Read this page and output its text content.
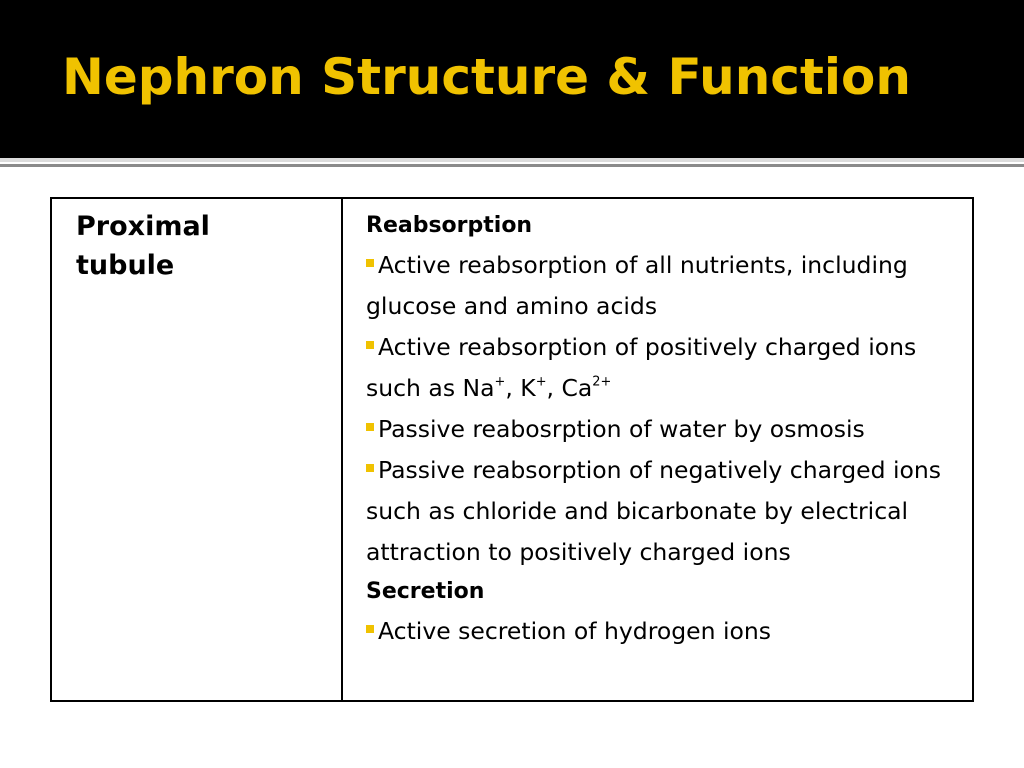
Nephron Structure & Function
Proximal
tubule
Reabsorption

Active reabsorption of all nutrients, including glucose and amino acids

Active reabsorption of positively charged ions such as Na+, K+, $Ca^{2+}$

Passive reabosrption of water by osmosis

Passive reabsorption of negatively charged ions such as chloride and bicarbonate by electrical attraction to positively charged ions

Secretion

Active secretion of hydrogen ions
